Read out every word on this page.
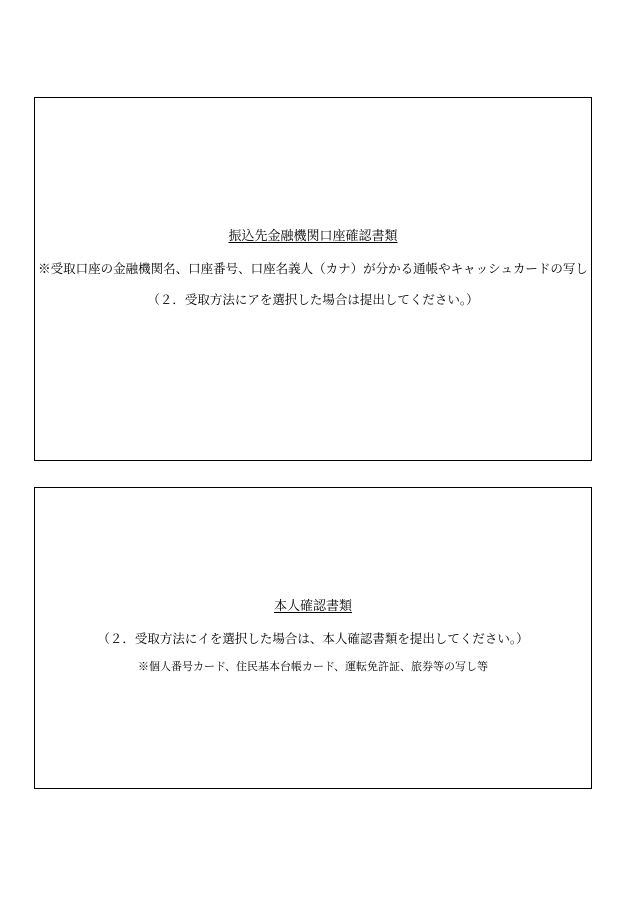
振込先金融機関口座確認書類

※受取口座の金融機関名、口座番号、口座名義人（カナ）が分かる通帳やキャッシュカードの写し

（２．受取方法にアを選択した場合は提出してください。）

本人確認書類

（２．受取方法にイを選択した場合は、本人確認書類を提出してください。）

※個人番号カード、住民基本台帳カード、運転免許証、旅券等の写し等
